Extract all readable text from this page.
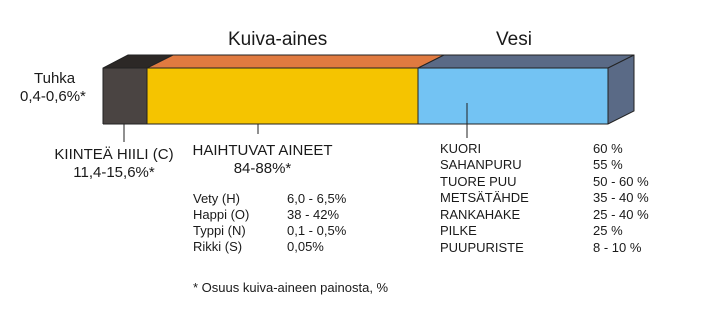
Kuiva-aines	Vesi
Tuhka
0,4-0,6%*
KIINTEÄ HIILI (C)
11,4-15,6%*
HAIHTUVAT AINEET
84-88%*
Vety (H)	6,0 - 6,5%
Happi (O)	38 - 42%
Typpi (N)	0,1 - 0,5%
Rikki (S)	0,05%
KUORI	60 %
SAHANPURU	55 %
TUORE PUU	50 - 60 %
METSÄTÄHDE	35 - 40 %
RANKAHAKE	25 - 40 %
PILKE	25 %
PUUPURISTE	8 - 10 %
* Osuus kuiva-aineen painosta, %
